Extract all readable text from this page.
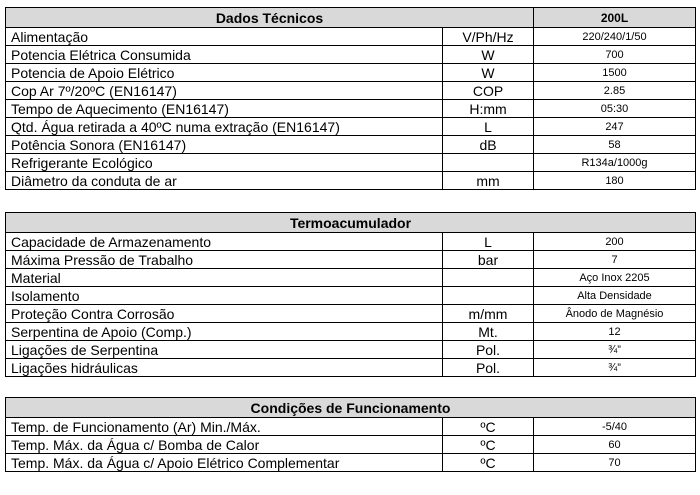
Dados Técnicos		200L
Alimentação	V/Ph/Hz	220/240/1/50
Potencia Elétrica Consumida	W	700
Potencia de Apoio Elétrico	W	1500
Cop Ar 7º/20ºC (EN16147)	COP	2.85
Tempo de Aquecimento (EN16147)	H:mm	05:30
Qtd. Água retirada a 40ºC numa extração (EN16147)	L	247
Potência Sonora (EN16147)	dB	58
Refrigerante Ecológico		R134a/1000g
Diâmetro da conduta de ar	mm	180
Termoacumulador		
Capacidade de Armazenamento	L	200
Máxima Pressão de Trabalho	bar	7
Material		Aço Inox 2205
Isolamento		Alta Densidade
Proteção Contra Corrosão	m/mm	Ânodo de Magnésio
Serpentina de Apoio (Comp.)	Mt.	12
Ligações de Serpentina	Pol.	¾”
Ligações hidráulicas	Pol.	¾”
Condições de Funcionamento		
Temp. de Funcionamento (Ar) Min./Máx.	ºC	-5/40
Temp. Máx. da Água c/ Bomba de Calor	ºC	60
Temp. Máx. da Água c/ Apoio Elétrico Complementar	ºC	70
